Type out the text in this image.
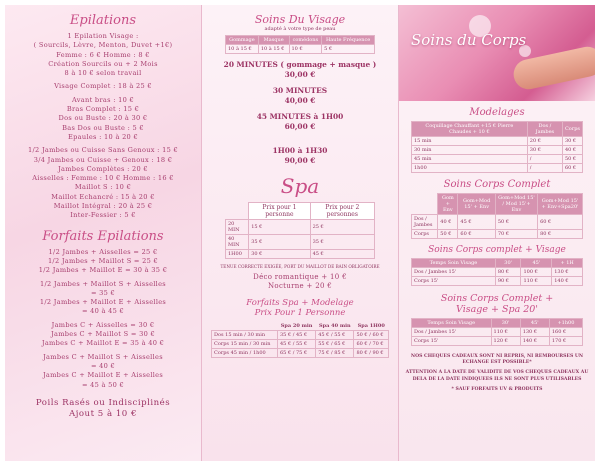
Epilations
1 Epilation Visage :
( Sourcils, Lèvre, Menton, Duvet +1€)
Femme : 6 € Homme : 8 €
Création Sourcils ou + 2 Mois
8 à 10 € selon travail
Visage Complet : 18 à 25 €
Avant bras : 10 €
Bras Complet : 15 €
Dos ou Buste : 20 à 30 €
Bas Dos ou Buste : 5 €
Epaules : 10 à 20 €
1/2 Jambes ou Cuisse Sans Genoux : 15 €
3/4 Jambes ou Cuisse + Genoux : 18 €
Jambes Complètes : 20 €
Aisselles : Femme : 10 € Homme : 16 €
Maillot S : 10 €
Maillot Echancré : 15 à 20 €
Maillot Intégral : 20 à 25 €
Inter-Fessier : 5 €
Forfaits Epilations
1/2 Jambes + Aisselles = 25 €
1/2 Jambes + Maillot S = 25 €
1/2 Jambes + Maillot E = 30 à 35 €
1/2 Jambes + Maillot S + Aisselles
= 35 €
1/2 Jambes + Maillot E + Aisselles
= 40 à 45 €
Jambes C + Aisselles = 30 €
Jambes C + Maillot S = 30 €
Jambes C + Maillot E = 35 à 40 €
Jambes C + Maillot S + Aisselles
= 40 €
Jambes C + Maillot E + Aisselles
= 45 à 50 €
Poils Rasés ou Indisciplinés
Ajout 5 à 10 €
Soins Du Visage
adapté à votre type de peau
Gommage	Masque	comédons	Haute Fréquence
10 à 15 €	10 à 15 €	10 €	5 €
20 MINUTES ( gommage + masque )
30,00 €
30 MINUTES
40,00 €
45 MINUTES à 1H00
60,00 €
1H00 à 1H30
90,00 €
Spa
	Prix pour 1 personne	Prix pour 2 personnes
20 MIN	15 €	25 €
40 MIN	35 €	35 €
1H00	30 €	45 €
TENUE CORRECTE EXIGÉE, PORT DU MAILLOT DE BAIN OBLIGATOIRE
Déco romantique + 10 €
Nocturne + 20 €
Forfaits Spa + Modelage
Prix Pour 1 Personne
	Spa 20 min	Spa 40 min	Spa 1H00
Dos 15 min / 30 min	35 € / 45 €	45 € / 55 €	50 € / 60 €
Corps 15 min / 30 min	45 € / 55 €	55 € / 65 €	60 € / 70 €
Corps 45 min / 1h00	65 € / 75 €	75 € / 85 €	80 € / 90 €
Soins du Corps
Modelages
Coquillage Chauffant +15 € Pierre Chaudes + 10 €	Dos / Jambes	Corps
15 min	20 €	30 €
30 min	30 €	40 €
45 min	/	50 €
1h00	/	60 €
Soins Corps Complet
	Gom + Env	Gom+Mod 15' + Env	Gom+Mod 15' / Mod 15'+ Env	Gom+Mod 15' + Env+Spa20'
Dos / Jambes	40 €	45 €	50 €	60 €
Corps	50 €	60 €	70 €	80 €
Soins Corps complet + Visage
Temps Soin Visage	30'	45'	+ 1H
Dos / Jambes 15'	80 €	100 €	130 €
Corps 15'	90 €	110 €	140 €
Soins Corps Complet +
Visage + Spa 20'
Temps Soin Visage	30'	45'	+1h00
Dos / Jambes 15'	110 €	130 €	160 €
Corps 15'	120 €	140 €	170 €
NOS CHEQUES CADEAUX SONT NI REPRIS, NI REMBOURSES UN ECHANGE EST POSSIBLE*
ATTENTION A LA DATE DE VALIDITE DE VOS CHEQUES CADEAUX AU DELA DE LA DATE INDIQUEES ILS NE SONT PLUS UTILISABLES
* SAUF FORFAITS UV & PRODUITS
